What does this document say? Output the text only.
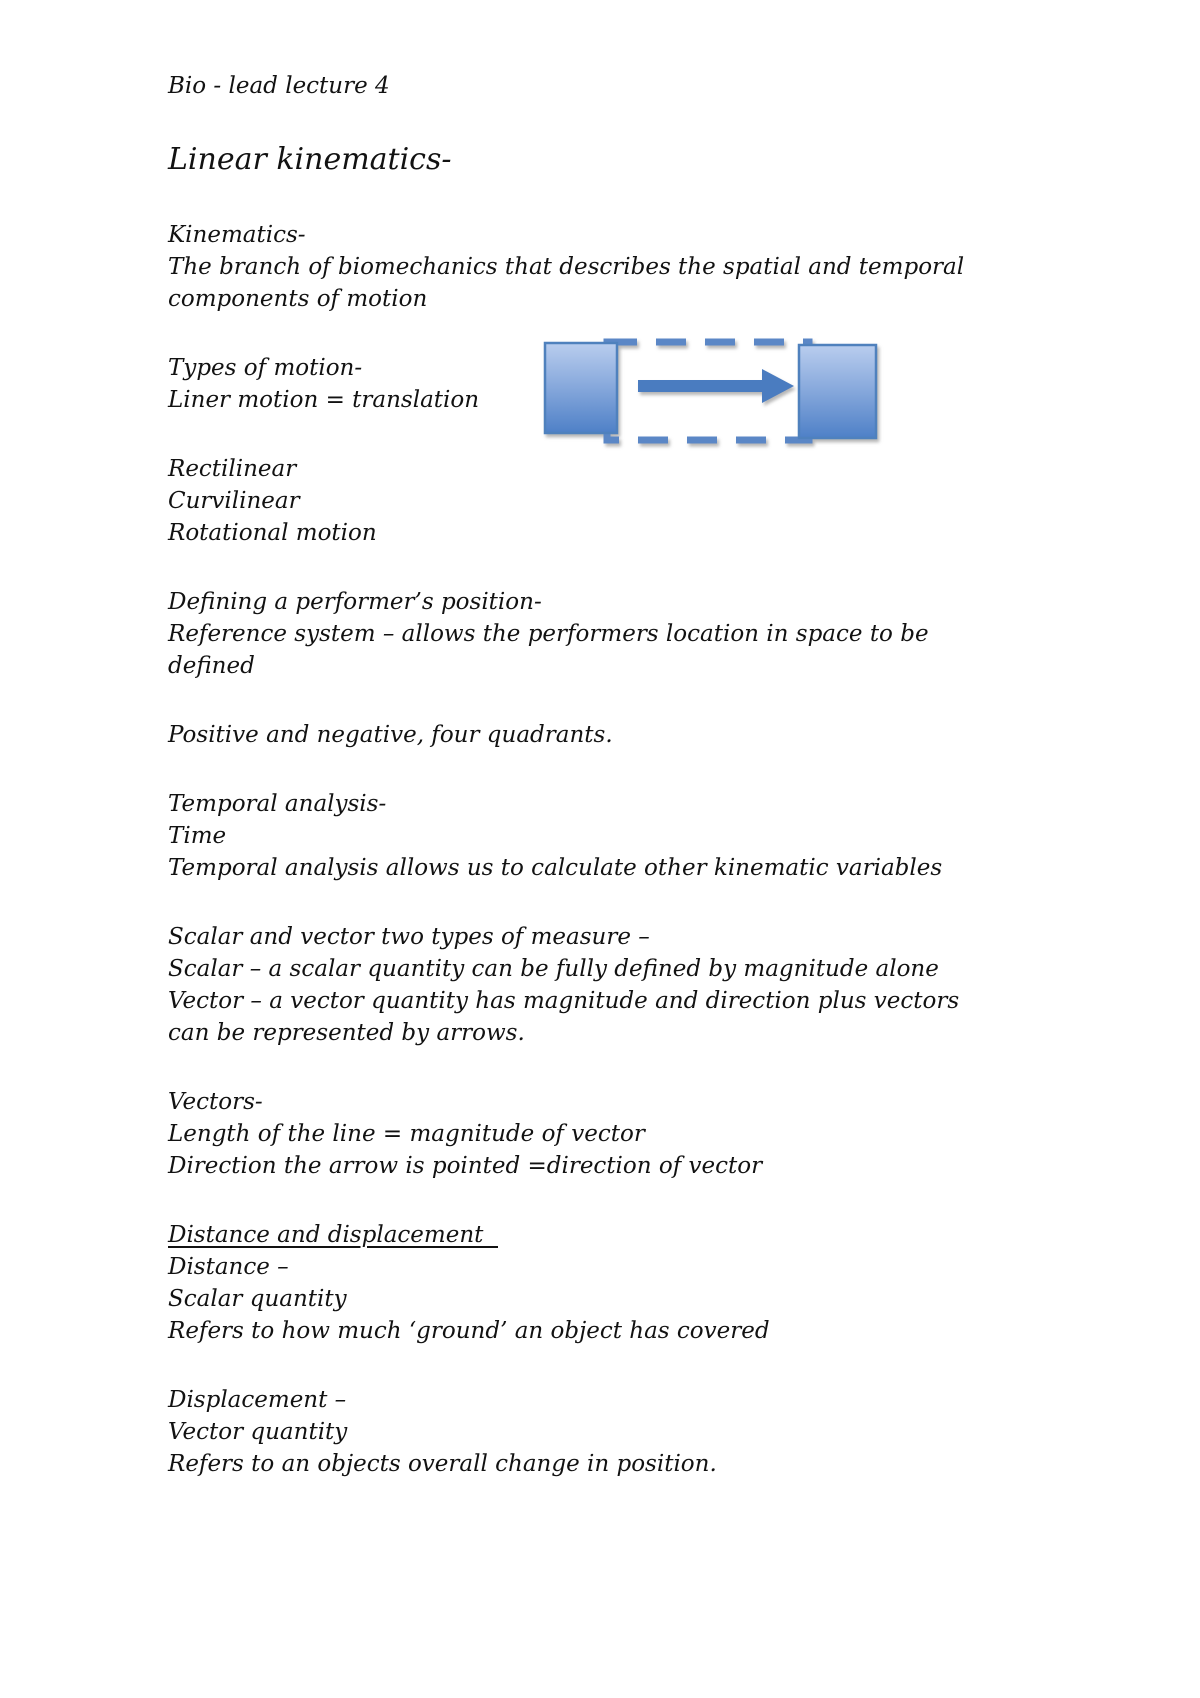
Bio - lead lecture 4

Linear kinematics-

Kinematics-
The branch of biomechanics that describes the spatial and temporal
components of motion

Types of motion-
Liner motion = translation

Rectilinear
Curvilinear
Rotational motion

Defining a performer’s position-
Reference system – allows the performers location in space to be
defined

Positive and negative, four quadrants.

Temporal analysis-
Time
Temporal analysis allows us to calculate other kinematic variables

Scalar and vector two types of measure –
Scalar – a scalar quantity can be fully defined by magnitude alone
Vector – a vector quantity has magnitude and direction plus vectors
can be represented by arrows.

Vectors-
Length of the line = magnitude of vector
Direction the arrow is pointed =direction of vector

Distance and displacement
Distance –
Scalar quantity
Refers to how much ‘ground’ an object has covered

Displacement –
Vector quantity
Refers to an objects overall change in position.
